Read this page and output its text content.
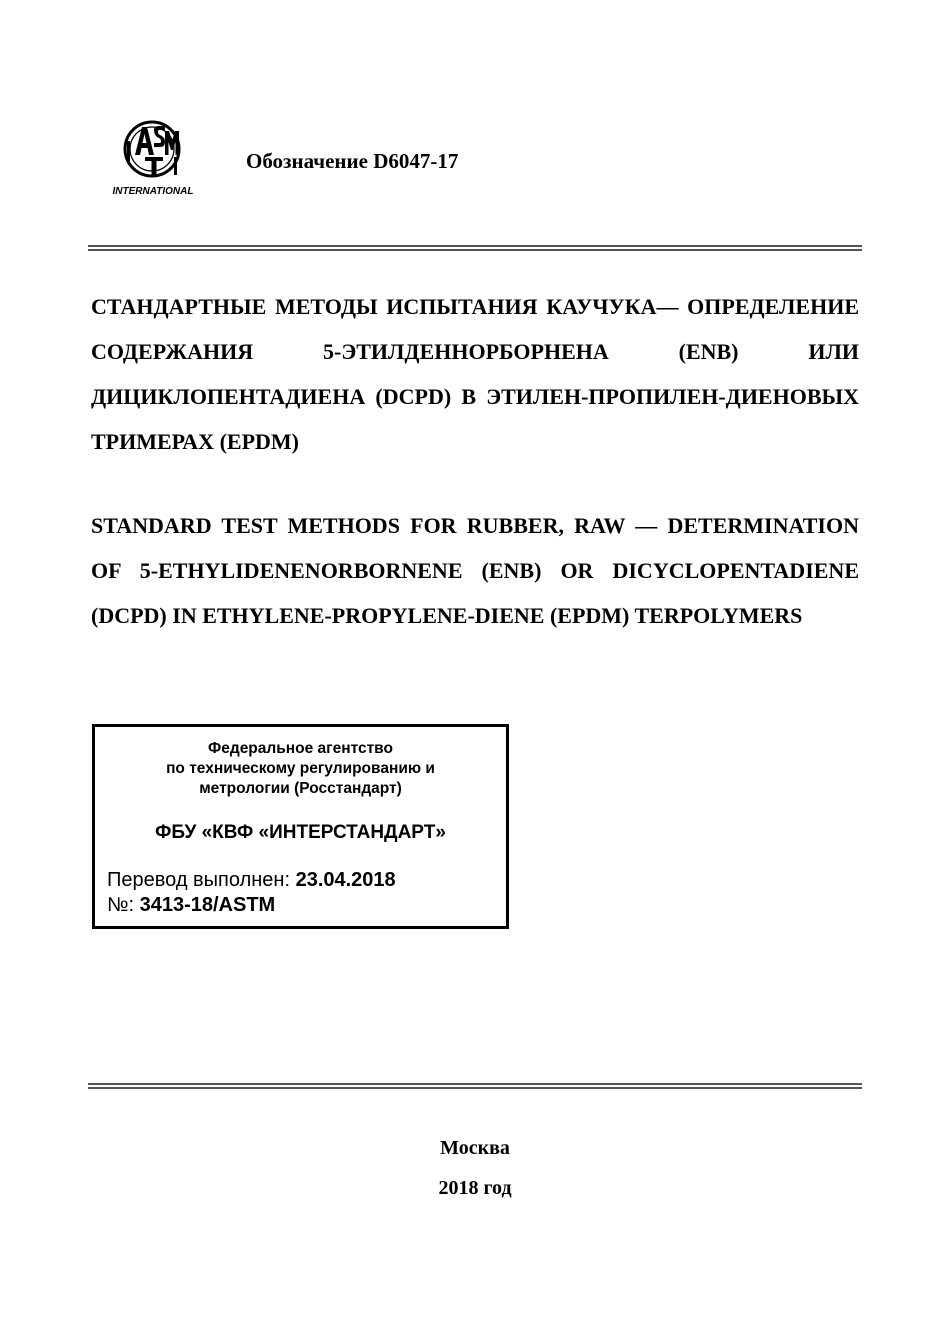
INTERNATIONAL
Обозначение D6047-17

СТАНДАРТНЫЕ МЕТОДЫ ИСПЫТАНИЯ КАУЧУКА— ОПРЕДЕЛЕНИЕ СОДЕРЖАНИЯ 5-ЭТИЛДЕННОРБОРНЕНА (ENB) ИЛИ ДИЦИКЛОПЕНТАДИЕНА (DCPD) В ЭТИЛЕН-ПРОПИЛЕН-ДИЕНОВЫХ ТРИМЕРАХ (EPDM)

STANDARD TEST METHODS FOR RUBBER, RAW — DETERMINATION OF 5-ETHYLIDENENORBORNENE (ENB) OR DICYCLOPENTADIENE (DCPD) IN ETHYLENE-PROPYLENE-DIENE (EPDM) TERPOLYMERS

Федеральное агентство
по техническому регулированию и
метрологии (Росстандарт)
ФБУ «КВФ «ИНТЕРСТАНДАРТ»
Перевод выполнен: 23.04.2018
№: 3413-18/ASTM
Москва
2018 год
